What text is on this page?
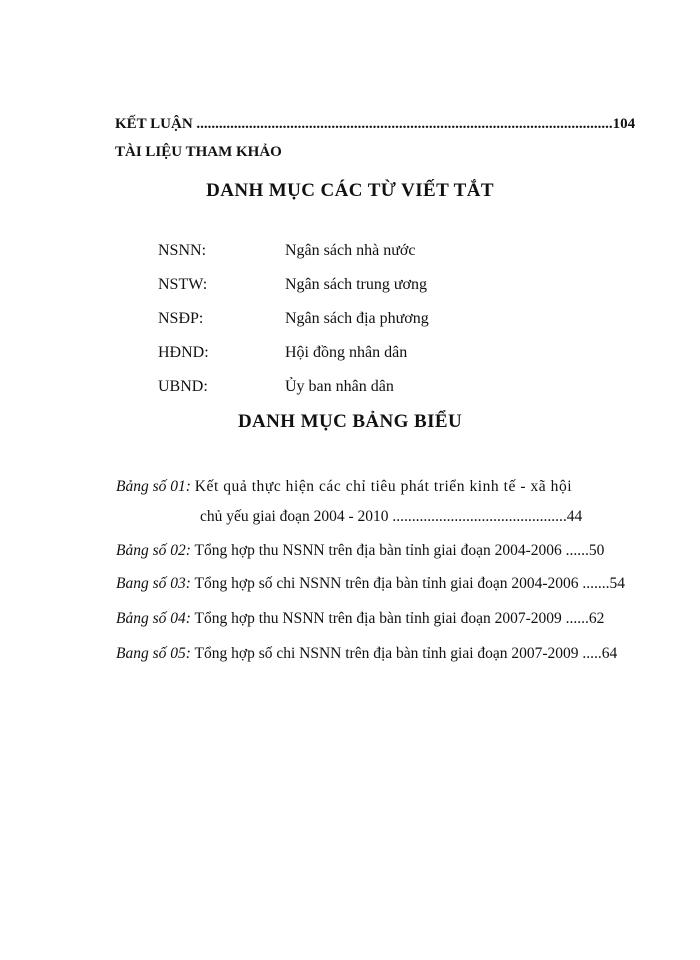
KẾT LUẬN ...............................................................................................................104
TÀI LIỆU THAM KHẢO
DANH MỤC CÁC TỪ VIẾT TẮT
NSNN:	Ngân sách nhà nước
NSTW:	Ngân sách trung ương
NSĐP:	Ngân sách địa phương
HĐND:	Hội đồng nhân dân
UBND:	Ủy ban nhân dân
DANH MỤC BẢNG BIỂU
Bảng số 01: Kết quả thực hiện các chỉ tiêu phát triển kinh tế - xã hội
chủ yếu giai đoạn 2004 - 2010 .............................................44
Bảng số 02: Tổng hợp thu NSNN trên địa bàn tỉnh giai đoạn 2004-2006 ......50
Bang số 03: Tổng hợp số chi NSNN trên địa bàn tỉnh giai đoạn 2004-2006 .......54
Bảng số 04: Tổng hợp thu NSNN trên địa bàn tỉnh giai đoạn 2007-2009 ......62
Bang số 05: Tổng hợp số chi NSNN trên địa bàn tỉnh giai đoạn 2007-2009 .....64
